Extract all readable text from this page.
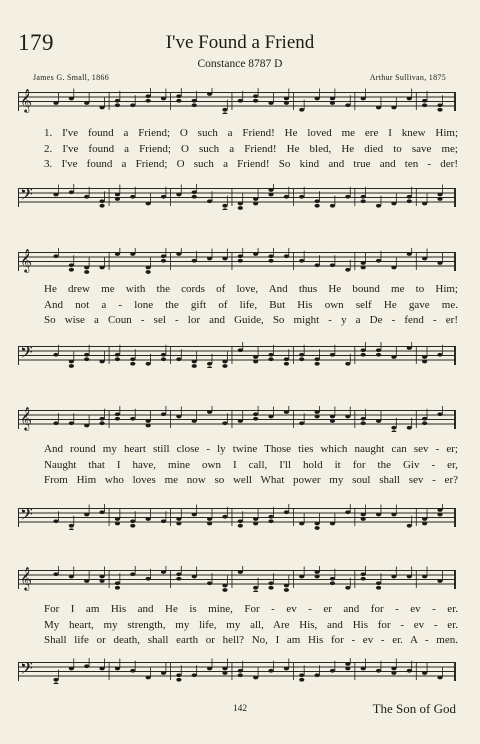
179	I've Found a Friend
Constance 8787 D
James G. Small, 1866	Arthur Sullivan, 1875
𝄞
1. I've found a Friend; O such a Friend! He loved me ere I knew Him;
2. I've found a Friend; O such a Friend! He bled, He died to save me;
3. I've found a Friend; O such a Friend! So kind and true and ten - der!
𝄢
𝄞
He drew me with the cords of love, And thus He bound me to Him;
And not a - lone the gift of life, But His own self He gave me.
So wise a Coun - sel - lor and Guide, So might - y a De - fend - er!
𝄢
𝄞
And round my heart still close - ly twine Those ties which naught can sev - er;
Naught that I have, mine own I call, I'll hold it for the Giv - er,
From Him who loves me now so well What power my soul shall sev - er?
𝄢
𝄞
For I am His and He is mine, For - ev - er and for - ev - er.
My heart, my strength, my life, my all, Are His, and His for - ev - er.
Shall life or death, shall earth or hell? No, I am His for - ev - er. A - men.
𝄢
142	The Son of God
